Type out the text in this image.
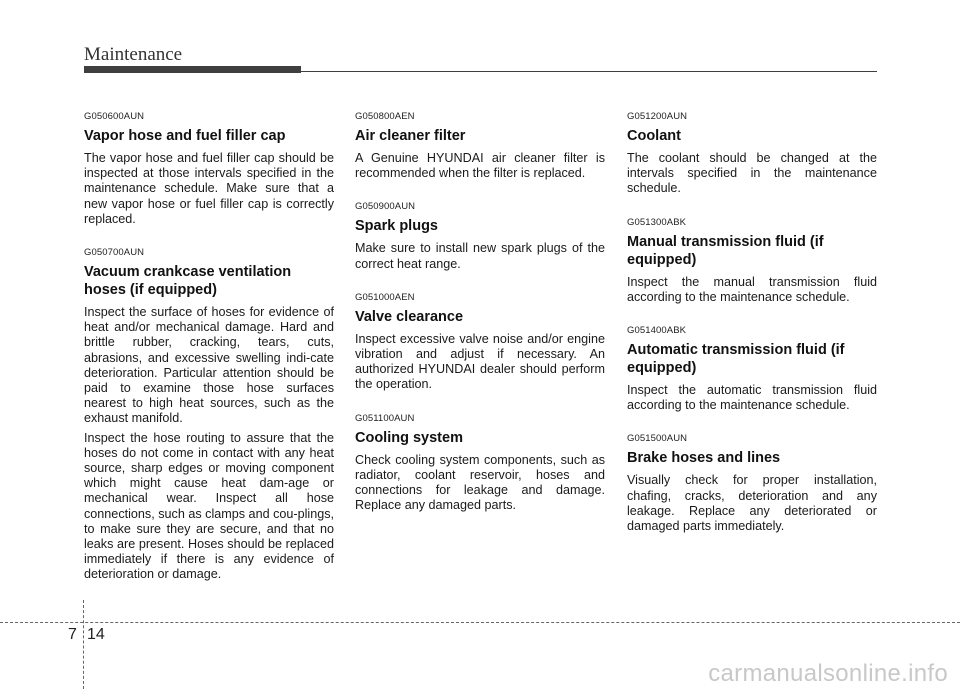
Maintenance
G050600AUN
Vapor hose and fuel filler cap

The vapor hose and fuel filler cap should be inspected at those intervals specified in the maintenance schedule. Make sure that a new vapor hose or fuel filler cap is correctly replaced.

G050700AUN
Vacuum crankcase ventilation hoses (if equipped)

Inspect the surface of hoses for evidence of heat and/or mechanical damage. Hard and brittle rubber, cracking, tears, cuts, abrasions, and excessive swelling indi-cate deterioration. Particular attention should be paid to examine those hose surfaces nearest to high heat sources, such as the exhaust manifold.

Inspect the hose routing to assure that the hoses do not come in contact with any heat source, sharp edges or moving component which might cause heat dam-age or mechanical wear. Inspect all hose connections, such as clamps and cou-plings, to make sure they are secure, and that no leaks are present. Hoses should be replaced immediately if there is any evidence of deterioration or damage.

G050800AEN
Air cleaner filter

A Genuine HYUNDAI air cleaner filter is recommended when the filter is replaced.

G050900AUN
Spark plugs

Make sure to install new spark plugs of the correct heat range.

G051000AEN
Valve clearance

Inspect excessive valve noise and/or engine vibration and adjust if necessary. An authorized HYUNDAI dealer should perform the operation.

G051100AUN
Cooling system

Check cooling system components, such as radiator, coolant reservoir, hoses and connections for leakage and damage. Replace any damaged parts.

G051200AUN
Coolant

The coolant should be changed at the intervals specified in the maintenance schedule.

G051300ABK
Manual transmission fluid (if equipped)

Inspect the manual transmission fluid according to the maintenance schedule.

G051400ABK
Automatic transmission fluid (if equipped)

Inspect the automatic transmission fluid according to the maintenance schedule.

G051500AUN
Brake hoses and lines

Visually check for proper installation, chafing, cracks, deterioration and any leakage. Replace any deteriorated or damaged parts immediately.

7 14
carmanualsonline.info
